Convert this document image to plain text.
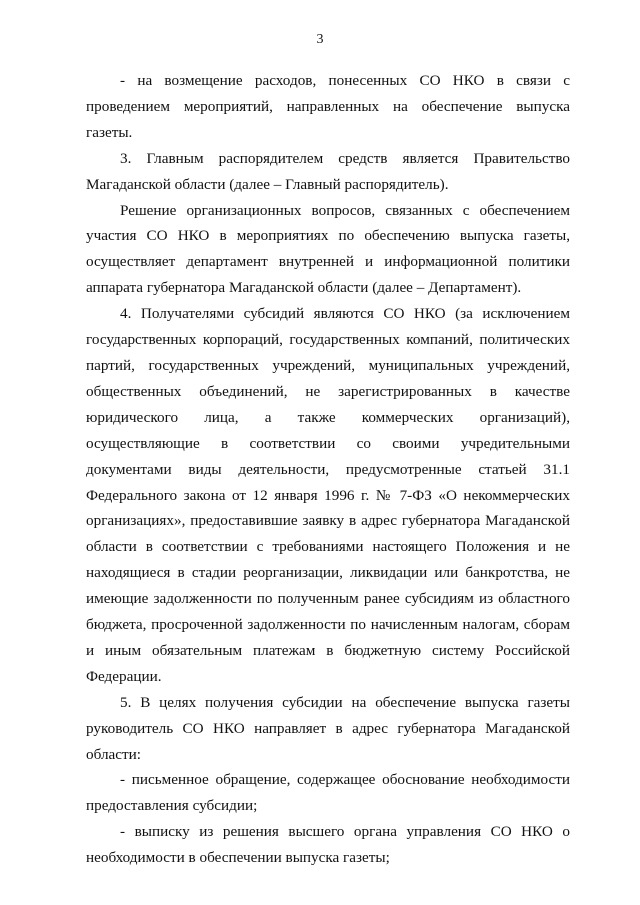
3

- на возмещение расходов, понесенных СО НКО в связи с проведением мероприятий, направленных на обеспечение выпуска газеты.

3. Главным распорядителем средств является Правительство Магаданской области (далее – Главный распорядитель).

Решение организационных вопросов, связанных с обеспечением участия СО НКО в мероприятиях по обеспечению выпуска газеты, осуществляет департамент внутренней и информационной политики аппарата губернатора Магаданской области (далее – Департамент).

4. Получателями субсидий являются СО НКО (за исключением государственных корпораций, государственных компаний, политических партий, государственных учреждений, муниципальных учреждений, общественных объединений, не зарегистрированных в качестве юридического лица, а также коммерческих организаций), осуществляющие в соответствии со своими учредительными документами виды деятельности, предусмотренные статьей 31.1 Федерального закона от 12 января 1996 г. № 7-ФЗ «О некоммерческих организациях», предоставившие заявку в адрес губернатора Магаданской области в соответствии с требованиями настоящего Положения и не находящиеся в стадии реорганизации, ликвидации или банкротства, не имеющие задолженности по полученным ранее субсидиям из областного бюджета, просроченной задолженности по начисленным налогам, сборам и иным обязательным платежам в бюджетную систему Российской Федерации.

5. В целях получения субсидии на обеспечение выпуска газеты руководитель СО НКО направляет в адрес губернатора Магаданской области:

- письменное обращение, содержащее обоснование необходимости предоставления субсидии;

- выписку из решения высшего органа управления СО НКО о необходимости в обеспечении выпуска газеты;
